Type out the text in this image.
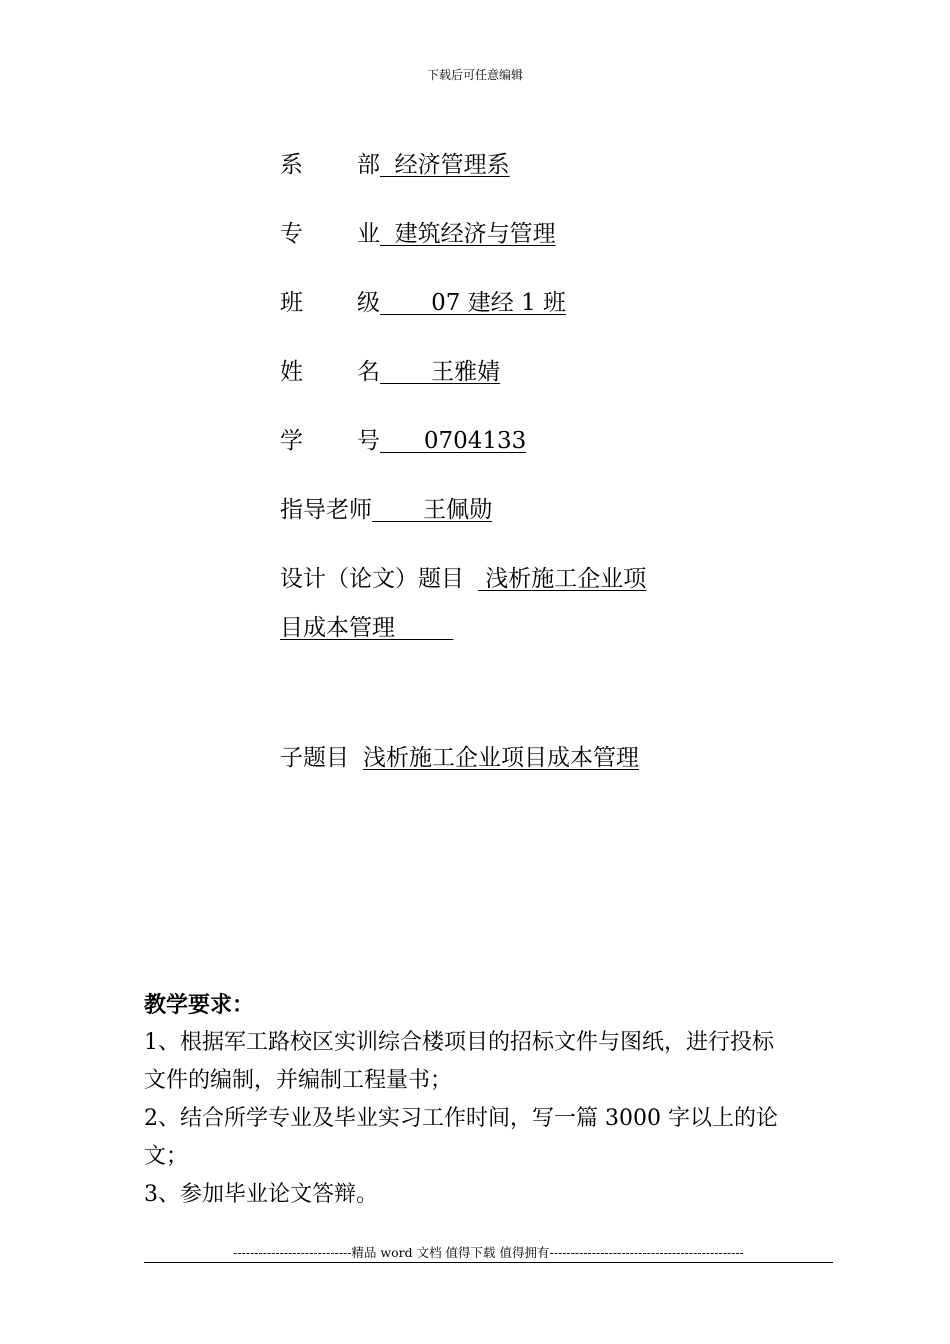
下载后可任意编辑
系 部  经济管理系
专 业  建筑经济与管理
班 级       07 建经 1 班
姓 名       王雅婧
学 号      0704133
指导老师       王佩勋
设计（论文）题目 浅析施工企业项
目成本管理
子题目 浅析施工企业项目成本管理
教学要求：
1、根据军工路校区实训综合楼项目的招标文件与图纸，进行投标
文件的编制，并编制工程量书；
2、结合所学专业及毕业实习工作时间，写一篇 3000 字以上的论
文；
3、参加毕业论文答辩。
----------------------------精品 word 文档 值得下载 值得拥有----------------------------------------------
